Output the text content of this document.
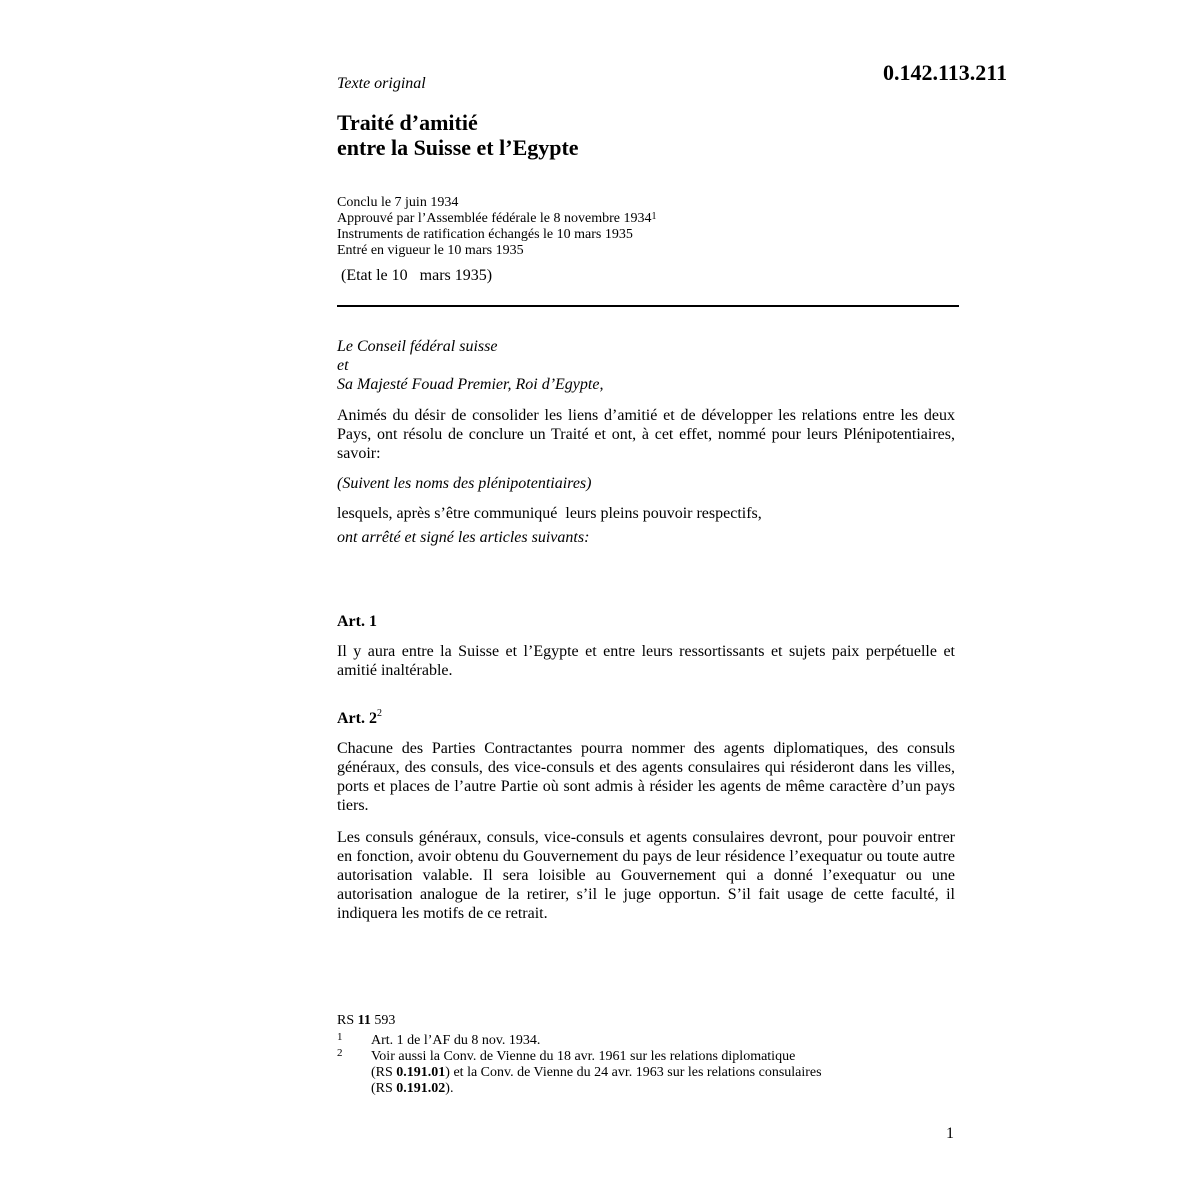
0.142.113.211
Texte original
Traité d’amitié
entre la Suisse et l’Egypte
Conclu le 7 juin 1934
Approuvé par l’Assemblée fédérale le 8 novembre 1934$^1$
Instruments de ratification échangés le 10 mars 1935
Entré en vigueur le 10 mars 1935
(Etat le 10   mars 1935)
Le Conseil fédéral suisse
et
Sa Majesté Fouad Premier, Roi d’Egypte,
Animés du désir de consolider les liens d’amitié et de développer les relations entre les deux Pays, ont résolu de conclure un Traité et ont, à cet effet, nommé pour leurs Plénipotentiaires, savoir:
(Suivent les noms des plénipotentiaires)
lesquels, après s’être communiqué  leurs pleins pouvoir respectifs,
ont arrêté et signé les articles suivants:
Art. 1
Il y aura entre la Suisse et l’Egypte et entre leurs ressortissants et sujets paix perpétuelle et amitié inaltérable.
Art. $2^2$
Chacune des Parties Contractantes pourra nommer des agents diplomatiques, des consuls généraux, des consuls, des vice-consuls et des agents consulaires qui résideront dans les villes, ports et places de l’autre Partie où sont admis à résider les agents de même caractère d’un pays tiers.
Les consuls généraux, consuls, vice-consuls et agents consulaires devront, pour pouvoir entrer en fonction, avoir obtenu du Gouvernement du pays de leur résidence l’exequatur ou toute autre autorisation valable. Il sera loisible au Gouvernement qui a donné l’exequatur ou une autorisation analogue de la retirer, s’il le juge opportun. S’il fait usage de cette faculté, il indiquera les motifs de ce retrait.
RS 11 593
1 Art. 1 de l’AF du 8 nov. 1934.
2 Voir aussi la Conv. de Vienne du 18 avr. 1961 sur les relations diplomatique
(RS 0.191.01) et la Conv. de Vienne du 24 avr. 1963 sur les relations consulaires
(RS 0.191.02).
1
